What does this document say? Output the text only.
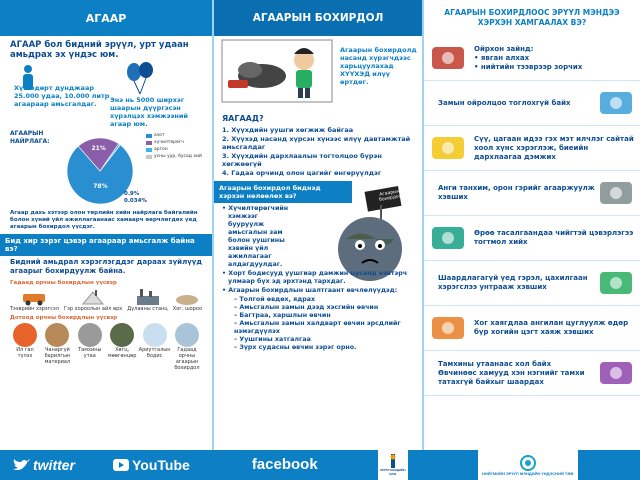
АГААР	АГААРЫН БОХИРДОЛ	АГААРЫН БОХИРДЛООС ЭРҮҮЛ МЭНДЭЭ ХЭРХЭН ХАМГААЛАХ ВЭ?
АГААР бол бидний эрүүл, урт удаан амьдрах эх үндэс юм.
Хүн өдөрт дунджаар 25.000 удаа, 10.000 литр агаараар амьсгалдаг.	Энэ нь 5000 ширхэг шаарын дүүргэсэн хүрэлцэх хэмжээний агаар юм.
АГААРЫН НАЙРЛАГА:
78%
21%
0.9%
0.034%
азот
хүчилтөрөгч
аргон
усны уур, бусад хий
Агаар дахь хэтээр олон төрлийн хийн найрлага байгалийн болон хүний үйл ажиллагаанаас хамаарч өөрчлөгдөх үед агаарын бохирдол үүсдэг.
Бид хир зэрэг цэвэр агаараар амьсгалж байна вэ?
Бидний амьдрал хэрэглэгддэг дараах зүйлүүд агаарыг бохирдуулж байна.
Гадаад орчны бохирдлын үүсвэр
Тээврийн хэрэгсэл Гэр хороолын айл өрх Дулааны станц Хог, шороо
Дотоод орчны бохирдлын үүсвэр
Ил гал түлэх
Чанаргүй барилгын материал
Тамхины утаа
Хөгц, мөөгөнцөр
Ариутгалын бодис
Гадаад орчны агаарын бохирдол
Агаарын бохирдолд насанд хүрэгчдээс харьцуулахад ХҮҮХЭД илүү өртдөг.
ЯАГААД?
1. Хүүхдийн уушги хөгжиж байгаа
2. Хүүхэд насанд хүрсэн хүнээс илүү давтамжтай амьсгалдаг
3. Хүүхдийн дархлаалын тогтолцоо бүрэн хөгжөөгүй
4. Гадаа орчинд олон цагийг өнгөрүүлдэг
Агаарын бохирдол биднэд хэрхэн нөлөөлөх вэ?	Агаарын бохирдол
• Хүчилтөрөгчийн хэмжээг бууруулж амьсгалын зам болон уушгины хэвийн үйл ажиллагааг алдагдуулдаг.
• Хорт бодисууд уушгиар дамжин цусанд нэвтэрч улмаар бүх эд эрхтэнд тархдаг.
• Агаарын бохирдлын шалтгаант өвчлөлүүдэд:
– Толгой өвдөх, ядрах
– Амьсгалын замын дээд хэсгийн өвчин
– Багтраа, харшлын өвчин
– Амьсгалын замын халдварт өвчин эрсдлийг нэмэгдүүлэх
– Уушгины хатгалгаа
– Зүрх судасны өвчин зэрэг орно.
Ойрхон зайнд:
• явган алхах
• нийтийн тээврээр зорчих
Замын ойролцоо тоглохгүй байх
Сүү, цагаан идээ гэх мэт илчлэг сайтай хоол хүнс хэрэглэж, биеийн дархлаагаа дэмжих
Анги танхим, орон гэрийг агааржуулж хэвших
Өрөө тасалгаандаа чийгтэй цэвэрлэгээ тогтмол хийх
Шаардлагагүй үед гэрэл, цахилгаан хэрэгслээ унтрааж хэвших
Хог хаягдлаа ангилан цуглуулж өдөр бүр хогийн цэгт хаяж хэвших
Тамхины утаанаас хол байх
Өвчинөөс хамууд хэн нэгнийг тамхи татахгүй байхыг шаардах
twitter	YouTube	facebook	ЭРҮҮЛ МЭНДИЙН ЯАМ	НИЙГМИЙН ЭРҮҮЛ МЭНДИЙН ҮНДЭСНИЙ ТӨВ
